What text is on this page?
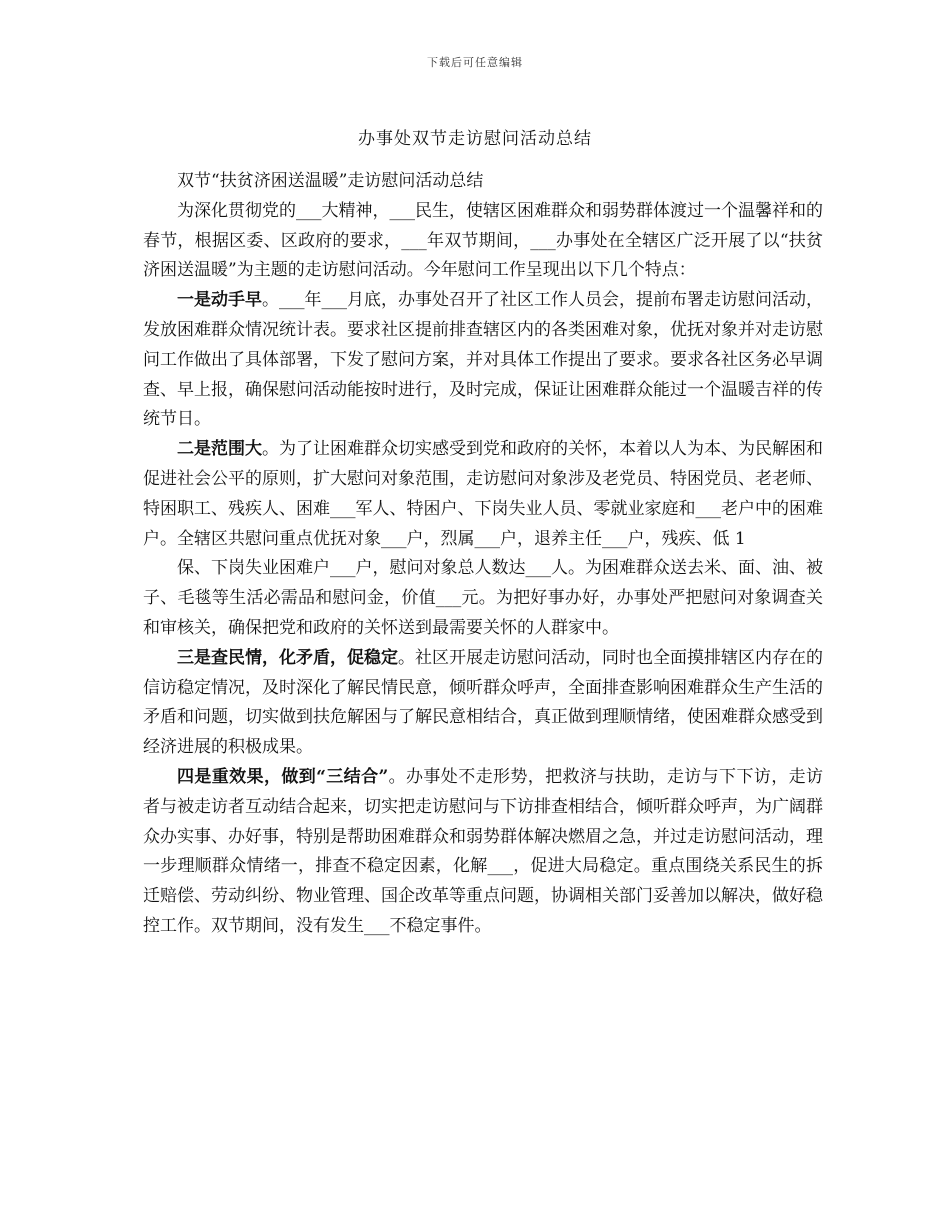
下载后可任意编辑
办事处双节走访慰问活动总结

双节“扶贫济困送温暖”走访慰问活动总结

为深化贯彻党的___大精神，___民生，使辖区困难群众和弱势群体渡过一个温馨祥和的春节，根据区委、区政府的要求，___年双节期间，___办事处在全辖区广泛开展了以“扶贫济困送温暖”为主题的走访慰问活动。今年慰问工作呈现出以下几个特点：

一是动手早。___年___月底，办事处召开了社区工作人员会，提前布署走访慰问活动，发放困难群众情况统计表。要求社区提前排查辖区内的各类困难对象，优抚对象并对走访慰问工作做出了具体部署，下发了慰问方案，并对具体工作提出了要求。要求各社区务必早调查、早上报，确保慰问活动能按时进行，及时完成，保证让困难群众能过一个温暖吉祥的传统节日。

二是范围大。为了让困难群众切实感受到党和政府的关怀，本着以人为本、为民解困和促进社会公平的原则，扩大慰问对象范围，走访慰问对象涉及老党员、特困党员、老老师、特困职工、残疾人、困难___军人、特困户、下岗失业人员、零就业家庭和___老户中的困难户。全辖区共慰问重点优抚对象___户，烈属___户，退养主任___户，残疾、低 1

保、下岗失业困难户___户，慰问对象总人数达___人。为困难群众送去米、面、油、被子、毛毯等生活必需品和慰问金，价值___元。为把好事办好，办事处严把慰问对象调查关和审核关，确保把党和政府的关怀送到最需要关怀的人群家中。

三是查民情，化矛盾，促稳定。社区开展走访慰问活动，同时也全面摸排辖区内存在的信访稳定情况，及时深化了解民情民意，倾听群众呼声，全面排查影响困难群众生产生活的矛盾和问题，切实做到扶危解困与了解民意相结合，真正做到理顺情绪，使困难群众感受到经济进展的积极成果。

四是重效果，做到“三结合”。办事处不走形势，把救济与扶助，走访与下下访，走访者与被走访者互动结合起来，切实把走访慰问与下访排查相结合，倾听群众呼声，为广阔群众办实事、办好事，特别是帮助困难群众和弱势群体解决燃眉之急，并过走访慰问活动，理一步理顺群众情绪一，排查不稳定因素，化解___，促进大局稳定。重点围绕关系民生的拆迁赔偿、劳动纠纷、物业管理、国企改革等重点问题，协调相关部门妥善加以解决，做好稳控工作。双节期间，没有发生___不稳定事件。
